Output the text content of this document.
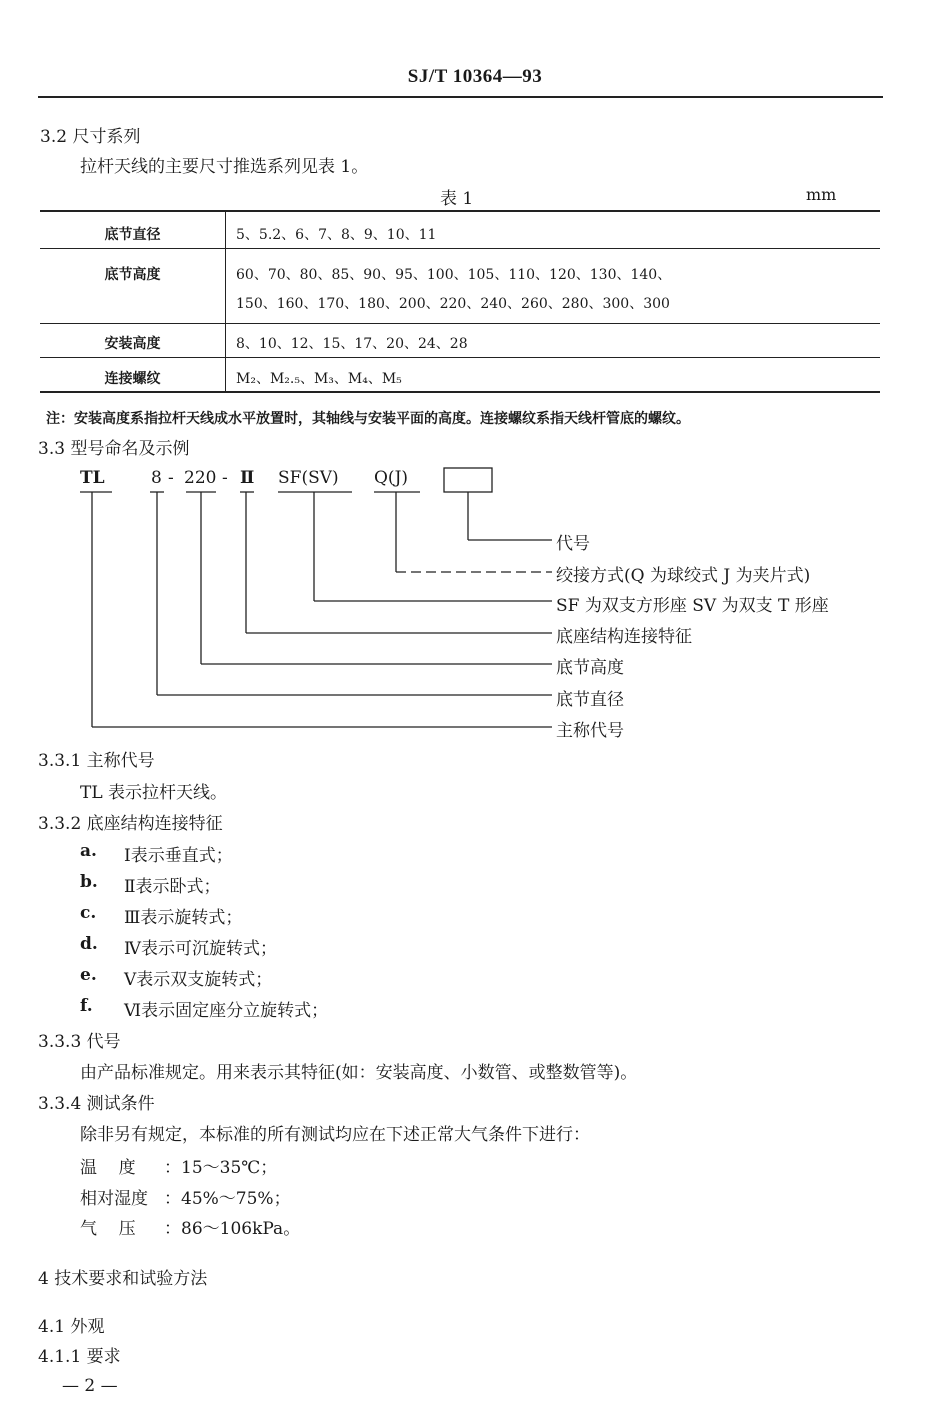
SJ/T 10364—93
3.2 尺寸系列
拉杆天线的主要尺寸推选系列见表 1。
表 1	mm
底节直径	5、5.2、6、7、8、9、10、11

底节高度	60、70、80、85、90、95、100、105、110、120、130、140、
150、160、170、180、200、220、240、260、280、300、300

安装高度	8、10、12、15、17、20、24、28

连接螺纹	M₂、M₂.₅、M₃、M₄、M₅
注：安装高度系指拉杆天线成水平放置时，其轴线与安装平面的高度。连接螺纹系指天线杆管底的螺纹。
3.3 型号命名及示例
TL	8 - 220 - Ⅱ SF(SV) Q(J)
代号
绞接方式(Q 为球绞式 J 为夹片式)
SF 为双支方形座 SV 为双支 T 形座
底座结构连接特征
底节高度
底节直径
主称代号
3.3.1 主称代号
TL 表示拉杆天线。
3.3.2 底座结构连接特征
a. Ⅰ表示垂直式；
b. Ⅱ表示卧式；
c. Ⅲ表示旋转式；
d. Ⅳ表示可沉旋转式；
e. Ⅴ表示双支旋转式；
f. Ⅵ表示固定座分立旋转式；
3.3.3 代号
由产品标准规定。用来表示其特征(如：安装高度、小数管、或整数管等)。
3.3.4 测试条件
除非另有规定，本标准的所有测试均应在下述正常大气条件下进行：
温    度 ：15～35℃；
相对湿度 ：45%～75%；
气    压 ：86～106kPa。
4 技术要求和试验方法
4.1 外观
4.1.1 要求
— 2 —
